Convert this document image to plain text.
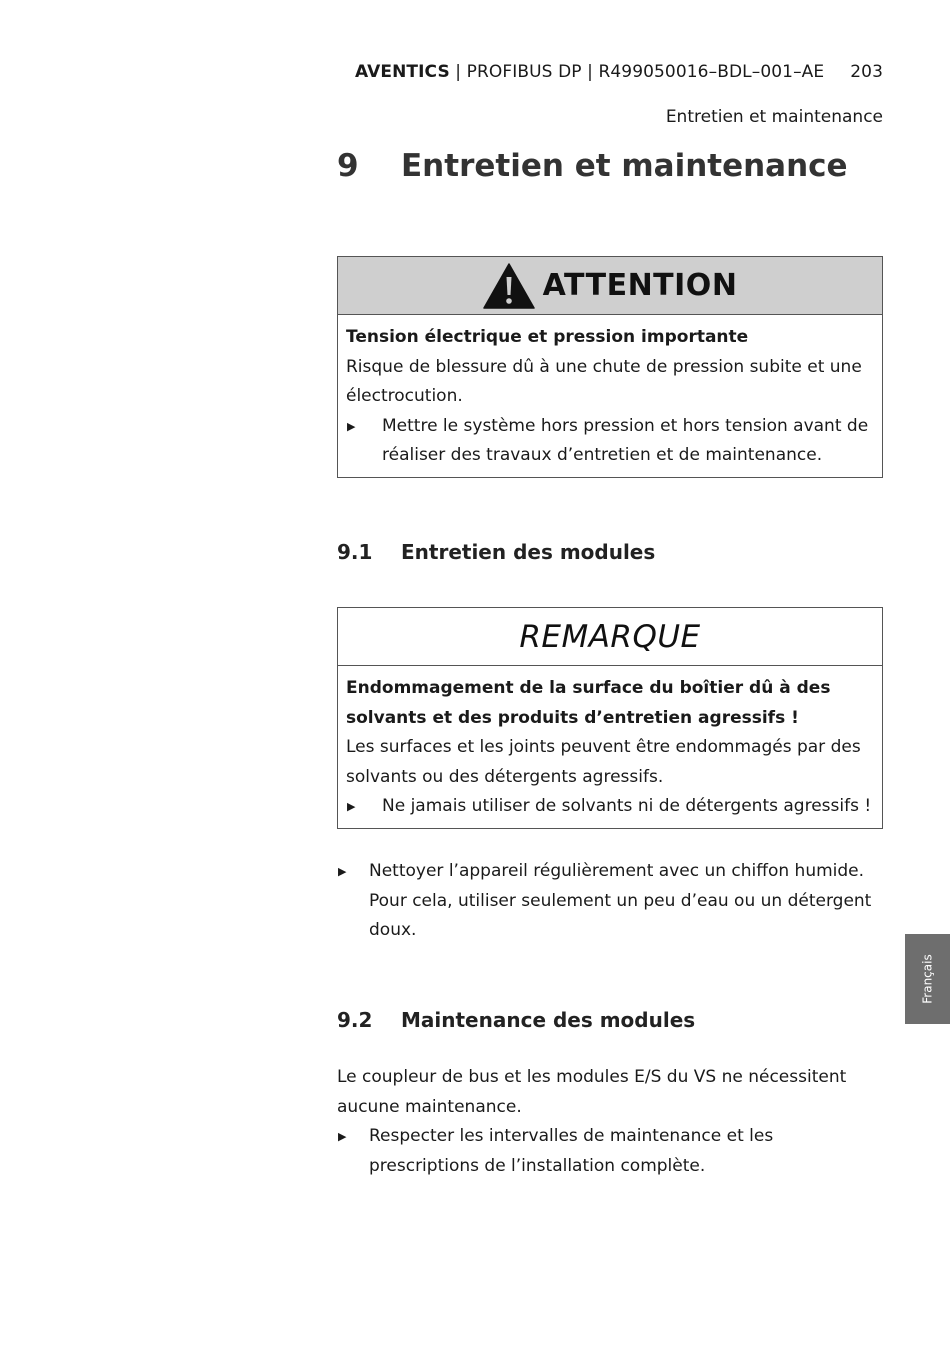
AVENTICS | PROFIBUS DP | R499050016–BDL–001–AE 203
Entretien et maintenance
9 Entretien et maintenance
ATTENTION
Tension électrique et pression importante
Risque de blessure dû à une chute de pression subite et une électrocution.
▶ Mettre le système hors pression et hors tension avant de réaliser des travaux d’entretien et de maintenance.
9.1 Entretien des modules
REMARQUE
Endommagement de la surface du boîtier dû à des solvants et des produits d’entretien agressifs !
Les surfaces et les joints peuvent être endommagés par des solvants ou des détergents agressifs.
▶ Ne jamais utiliser de solvants ni de détergents agressifs !
▶ Nettoyer l’appareil régulièrement avec un chiffon humide. Pour cela, utiliser seulement un peu d’eau ou un détergent doux.
9.2 Maintenance des modules
Le coupleur de bus et les modules E/S du VS ne nécessitent aucune maintenance.
▶ Respecter les intervalles de maintenance et les prescriptions de l’installation complète.
Français
